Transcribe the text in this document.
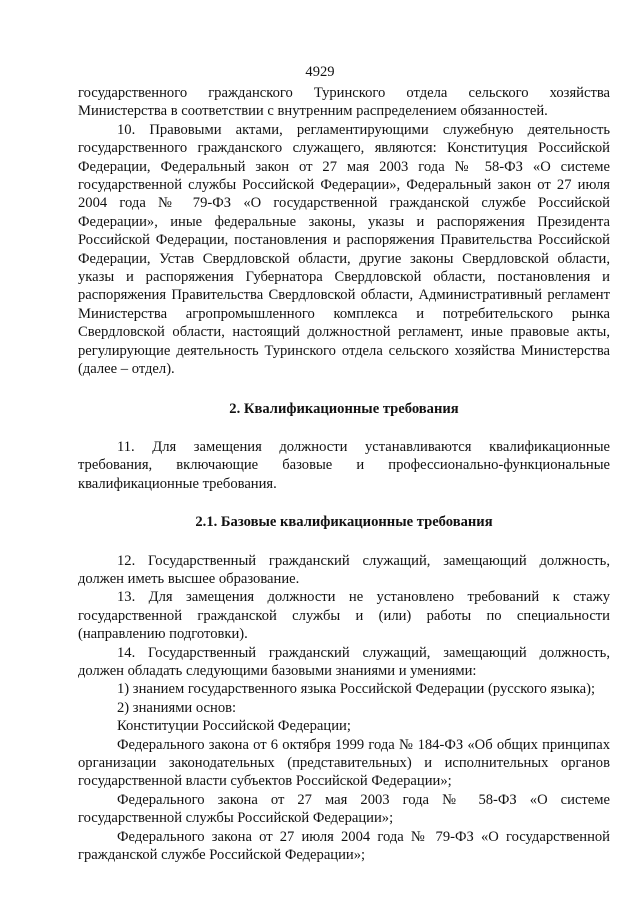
4929

государственного гражданского Туринского отдела сельского хозяйства Министерства в соответствии с внутренним распределением обязанностей.

10. Правовыми актами, регламентирующими служебную деятельность государственного гражданского служащего, являются: Конституция Российской Федерации, Федеральный закон от 27 мая 2003 года № 58-ФЗ «О системе государственной службы Российской Федерации», Федеральный закон от 27 июля 2004 года № 79-ФЗ «О государственной гражданской службе Российской Федерации», иные федеральные законы, указы и распоряжения Президента Российской Федерации, постановления и распоряжения Правительства Российской Федерации, Устав Свердловской области, другие законы Свердловской области, указы и распоряжения Губернатора Свердловской области, постановления и распоряжения Правительства Свердловской области, Административный регламент Министерства агропромышленного комплекса и потребительского рынка Свердловской области, настоящий должностной регламент, иные правовые акты, регулирующие деятельность Туринского отдела сельского хозяйства Министерства (далее – отдел).

2. Квалификационные требования

11. Для замещения должности устанавливаются квалификационные требования, включающие базовые и профессионально-функциональные квалификационные требования.

2.1. Базовые квалификационные требования

12. Государственный гражданский служащий, замещающий должность, должен иметь высшее образование.

13. Для замещения должности не установлено требований к стажу государственной гражданской службы и (или) работы по специальности (направлению подготовки).

14. Государственный гражданский служащий, замещающий должность, должен обладать следующими базовыми знаниями и умениями:

1) знанием государственного языка Российской Федерации (русского языка);

2) знаниями основ:

Конституции Российской Федерации;

Федерального закона от 6 октября 1999 года № 184-ФЗ «Об общих принципах организации законодательных (представительных) и исполнительных органов государственной власти субъектов Российской Федерации»;

Федерального закона от 27 мая 2003 года № 58-ФЗ «О системе государственной службы Российской Федерации»;

Федерального закона от 27 июля 2004 года № 79-ФЗ «О государственной гражданской службе Российской Федерации»;
